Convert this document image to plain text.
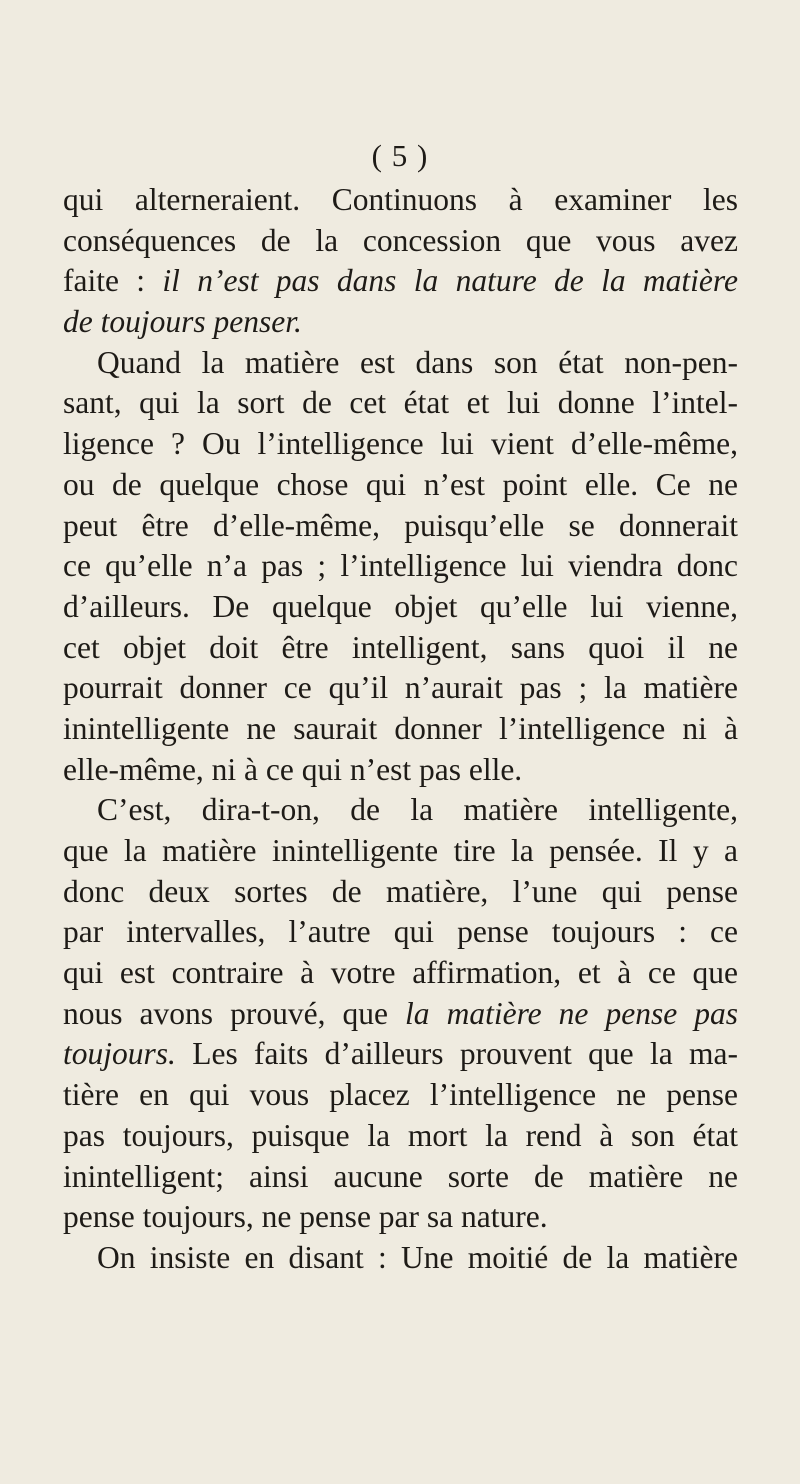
( 5 )
qui alterneraient. Continuons à examiner les
conséquences de la concession que vous avez
faite : il n’est pas dans la nature de la matière
de toujours penser.
Quand la matière est dans son état non-pen-
sant, qui la sort de cet état et lui donne l’intel-
ligence ? Ou l’intelligence lui vient d’elle-même,
ou de quelque chose qui n’est point elle. Ce ne
peut être d’elle-même, puisqu’elle se donnerait
ce qu’elle n’a pas ; l’intelligence lui viendra donc
d’ailleurs. De quelque objet qu’elle lui vienne,
cet objet doit être intelligent, sans quoi il ne
pourrait donner ce qu’il n’aurait pas ; la matière
inintelligente ne saurait donner l’intelligence ni à
elle-même, ni à ce qui n’est pas elle.
C’est, dira-t-on, de la matière intelligente,
que la matière inintelligente tire la pensée. Il y a
donc deux sortes de matière, l’une qui pense
par intervalles, l’autre qui pense toujours : ce
qui est contraire à votre affirmation, et à ce que
nous avons prouvé, que la matière ne pense pas
toujours. Les faits d’ailleurs prouvent que la ma-
tière en qui vous placez l’intelligence ne pense
pas toujours, puisque la mort la rend à son état
inintelligent; ainsi aucune sorte de matière ne
pense toujours, ne pense par sa nature.
On insiste en disant : Une moitié de la matière
